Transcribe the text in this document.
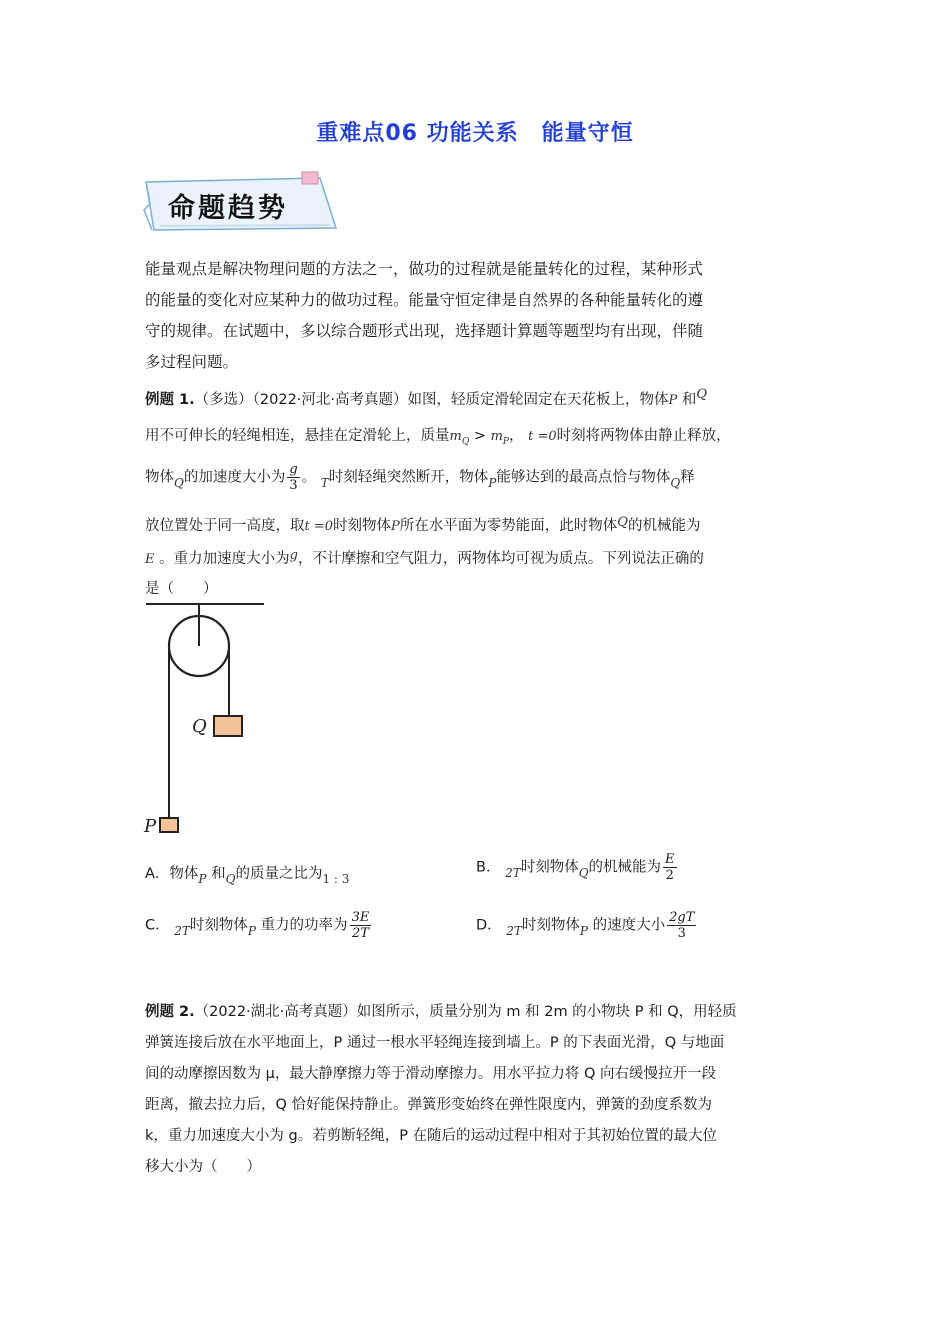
重难点06 功能关系　能量守恒
命题趋势
能量观点是解决物理问题的方法之一，做功的过程就是能量转化的过程，某种形式
的能量的变化对应某种力的做功过程。能量守恒定律是自然界的各种能量转化的遵
守的规律。在试题中，多以综合题形式出现，选择题计算题等题型均有出现，伴随
多过程问题。
例题 1.（多选）（2022·河北·高考真题）如图，轻质定滑轮固定在天花板上，物体P 和Q
用不可伸长的轻绳相连，悬挂在定滑轮上，质量$m_Q > m_P$， t =0时刻将两物体由静止释放，
物体$_Q$的加速度大小为 $\frac{g}{3}$ 。 $_T$时刻轻绳突然断开，物体$_P$能够达到的最高点恰与物体$_Q$释
放位置处于同一高度，取t =0时刻物体P所在水平面为零势能面，此时物体Q的机械能为
E 。重力加速度大小为g，不计摩擦和空气阻力，两物体均可视为质点。下列说法正确的
是（　　）
Q
P
A．物体$_P$ 和$_Q$的质量之比为$_{1 : 3}$
B． $_{2T}$时刻物体$_Q$的机械能为 $\frac{E}{2}$
C． $_{2T}$时刻物体$_P$ 重力的功率为 $\frac{3E}{2T}$	D． $_{2T}$时刻物体$_P$ 的速度大小 $\frac{2gT}{3}$
例题 2.（2022·湖北·高考真题）如图所示，质量分别为 m 和 2m 的小物块 P 和 Q，用轻质
弹簧连接后放在水平地面上，P 通过一根水平轻绳连接到墙上。P 的下表面光滑，Q 与地面
间的动摩擦因数为 μ，最大静摩擦力等于滑动摩擦力。用水平拉力将 Q 向右缓慢拉开一段
距离，撤去拉力后，Q 恰好能保持静止。弹簧形变始终在弹性限度内，弹簧的劲度系数为
k，重力加速度大小为 g。若剪断轻绳，P 在随后的运动过程中相对于其初始位置的最大位
移大小为（　　）
